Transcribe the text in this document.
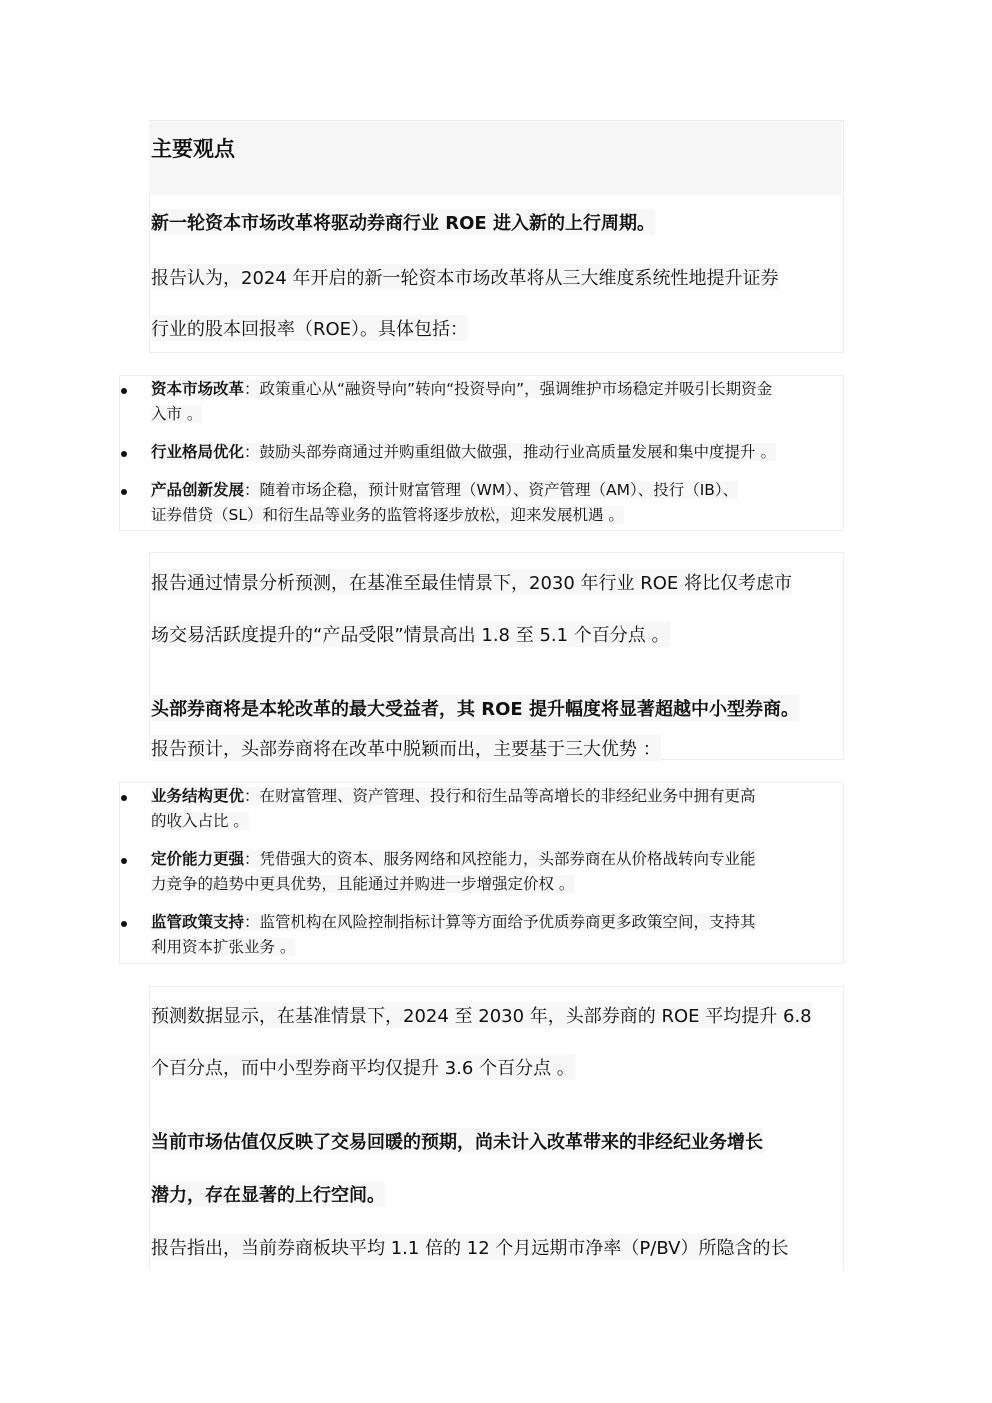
主要观点
新一轮资本市场改革将驱动券商行业 ROE 进入新的上行周期。
报告认为，2024 年开启的新一轮资本市场改革将从三大维度系统性地提升证券
行业的股本回报率（ROE）。具体包括：
资本市场改革：政策重心从“融资导向”转向“投资导向”，强调维护市场稳定并吸引长期资金
入市 。
行业格局优化：鼓励头部券商通过并购重组做大做强，推动行业高质量发展和集中度提升 。
产品创新发展：随着市场企稳，预计财富管理（WM）、资产管理（AM）、投行（IB）、
证券借贷（SL）和衍生品等业务的监管将逐步放松，迎来发展机遇 。
报告通过情景分析预测，在基准至最佳情景下，2030 年行业 ROE 将比仅考虑市
场交易活跃度提升的“产品受限”情景高出 1.8 至 5.1 个百分点 。
头部券商将是本轮改革的最大受益者，其 ROE 提升幅度将显著超越中小型券商。
报告预计，头部券商将在改革中脱颖而出，主要基于三大优势 ：
业务结构更优：在财富管理、资产管理、投行和衍生品等高增长的非经纪业务中拥有更高
的收入占比 。
定价能力更强：凭借强大的资本、服务网络和风控能力，头部券商在从价格战转向专业能
力竞争的趋势中更具优势，且能通过并购进一步增强定价权 。
监管政策支持：监管机构在风险控制指标计算等方面给予优质券商更多政策空间，支持其
利用资本扩张业务 。
预测数据显示，在基准情景下，2024 至 2030 年，头部券商的 ROE 平均提升 6.8
个百分点，而中小型券商平均仅提升 3.6 个百分点 。
当前市场估值仅反映了交易回暖的预期，尚未计入改革带来的非经纪业务增长
潜力，存在显著的上行空间。
报告指出，当前券商板块平均 1.1 倍的 12 个月远期市净率（P/BV）所隐含的长
